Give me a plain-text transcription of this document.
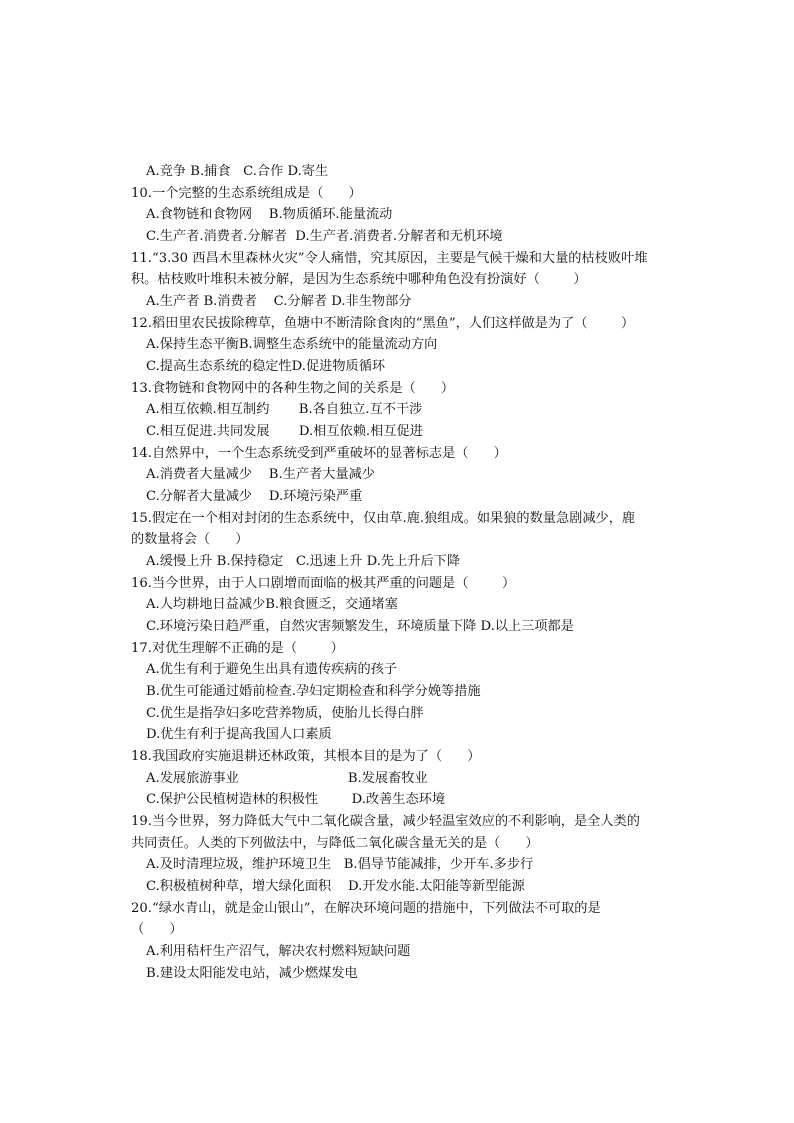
A.竞争 B.捕食   C.合作 D.寄生
10.一个完整的生态系统组成是（      ）
A.食物链和食物网    B.物质循环.能量流动
C.生产者.消费者.分解者  D.生产者.消费者.分解者和无机环境
11.“3.30 西昌木里森林火灾”令人痛惜，究其原因，主要是气候干燥和大量的枯枝败叶堆
积。枯枝败叶堆积未被分解，是因为生态系统中哪种角色没有扮演好（        ）
A.生产者 B.消费者    C.分解者 D.非生物部分
12.稻田里农民拔除稗草，鱼塘中不断清除食肉的“黑鱼”，人们这样做是为了（        ）
A.保持生态平衡B.调整生态系统中的能量流动方向
C.提高生态系统的稳定性D.促进物质循环
13.食物链和食物网中的各种生物之间的关系是（      ）
A.相互依赖.相互制约       B.各自独立.互不干涉
C.相互促进.共同发展       D.相互依赖.相互促进
14.自然界中，一个生态系统受到严重破坏的显著标志是（      ）
A.消费者大量减少    B.生产者大量减少
C.分解者大量减少    D.环境污染严重
15.假定在一个相对封闭的生态系统中，仅由草.鹿.狼组成。如果狼的数量急剧减少，鹿
的数量将会（      ）
A.缓慢上升 B.保持稳定   C.迅速上升 D.先上升后下降
16.当今世界，由于人口剧增而面临的极其严重的问题是（        ）
A.人均耕地日益减少B.粮食匮乏，交通堵塞
C.环境污染日趋严重，自然灾害频繁发生，环境质量下降 D.以上三项都是
17.对优生理解不正确的是（        ）
A.优生有利于避免生出具有遗传疾病的孩子
B.优生可能通过婚前检查.孕妇定期检查和科学分娩等措施
C.优生是指孕妇多吃营养物质，使胎儿长得白胖
D.优生有利于提高我国人口素质
18.我国政府实施退耕还林政策，其根本目的是为了（      ）
A.发展旅游事业                          B.发展畜牧业
C.保护公民植树造林的积极性        D.改善生态环境
19.当今世界，努力降低大气中二氧化碳含量，减少轻温室效应的不利影响，是全人类的
共同责任。人类的下列做法中，与降低二氧化碳含量无关的是（      ）
A.及时清理垃圾，维护环境卫生   B.倡导节能减排，少开车.多步行
C.积极植树种草，增大绿化面积    D.开发水能.太阳能等新型能源
20.“绿水青山，就是金山银山”，在解决环境问题的措施中，下列做法不可取的是
（      ）
A.利用秸杆生产沼气，解决农村燃料短缺问题
B.建设太阳能发电站，减少燃煤发电
